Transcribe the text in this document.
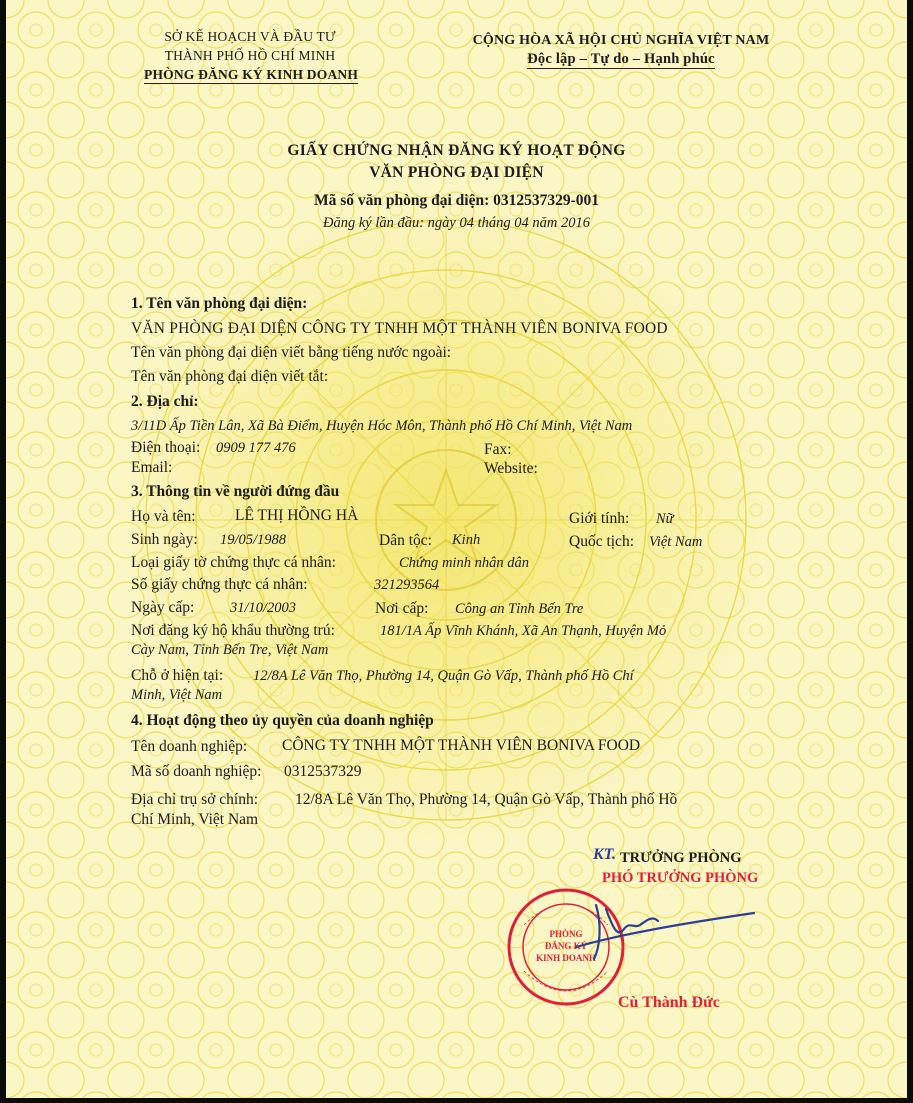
SỞ KẾ HOẠCH VÀ ĐẦU TƯ
THÀNH PHỐ HỒ CHÍ MINH
PHÒNG ĐĂNG KÝ KINH DOANH
CỘNG HÒA XÃ HỘI CHỦ NGHĨA VIỆT NAM
Độc lập – Tự do – Hạnh phúc
GIẤY CHỨNG NHẬN ĐĂNG KÝ HOẠT ĐỘNG
VĂN PHÒNG ĐẠI DIỆN
Mã số văn phòng đại diện: 0312537329-001
Đăng ký lần đầu: ngày 04 tháng 04 năm 2016
1. Tên văn phòng đại diện:
VĂN PHÒNG ĐẠI DIỆN CÔNG TY TNHH MỘT THÀNH VIÊN BONIVA FOOD
Tên văn phòng đại diện viết bằng tiếng nước ngoài:
Tên văn phòng đại diện viết tắt:
2. Địa chỉ:
3/11D Ấp Tiền Lân, Xã Bà Điểm, Huyện Hóc Môn, Thành phố Hồ Chí Minh, Việt Nam
Điện thoại: 0909 177 476	Fax:
Email:	Website:
3. Thông tin về người đứng đầu
Họ và tên:	LÊ THỊ HỒNG HÀ	Giới tính: Nữ
Sinh ngày: 19/05/1988	Dân tộc: Kinh	Quốc tịch: Việt Nam
Loại giấy tờ chứng thực cá nhân:	Chứng minh nhân dân
Số giấy chứng thực cá nhân:	321293564
Ngày cấp: 31/10/2003	Nơi cấp: Công an Tỉnh Bến Tre
Nơi đăng ký hộ khẩu thường trú:	181/1A Ấp Vĩnh Khánh, Xã An Thạnh, Huyện Mỏ
Cày Nam, Tỉnh Bến Tre, Việt Nam
Chỗ ở hiện tại: 12/8A Lê Văn Thọ, Phường 14, Quận Gò Vấp, Thành phố Hồ Chí
Minh, Việt Nam
4. Hoạt động theo ủy quyền của doanh nghiệp
Tên doanh nghiệp: CÔNG TY TNHH MỘT THÀNH VIÊN BONIVA FOOD
Mã số doanh nghiệp: 0312537329
Địa chỉ trụ sở chính: 12/8A Lê Văn Thọ, Phường 14, Quận Gò Vấp, Thành phố Hồ
Chí Minh, Việt Nam
KT. TRƯỞNG PHÒNG
PHÓ TRƯỞNG PHÒNG
PHÒNG
ĐĂNG KÝ
KINH DOANH
Cù Thành Đức
